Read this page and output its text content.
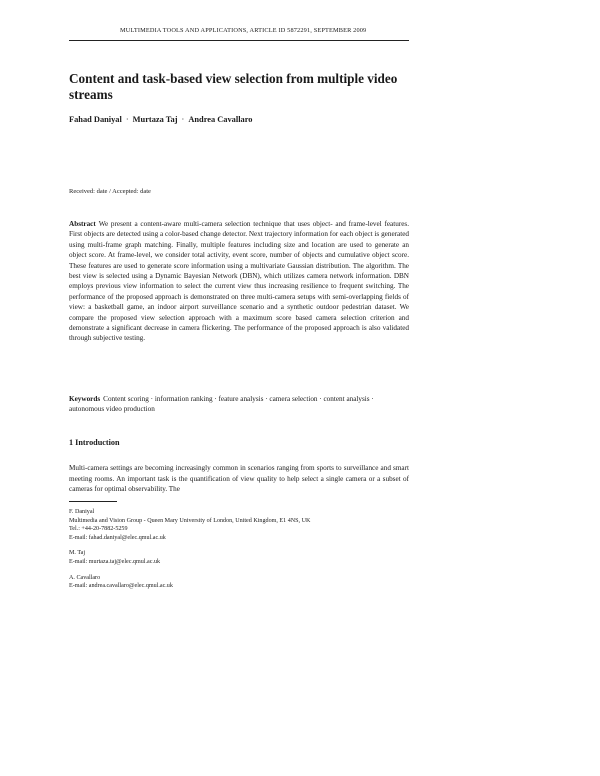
MULTIMEDIA TOOLS AND APPLICATIONS, ARTICLE ID 5872291, SEPTEMBER 2009
Content and task-based view selection from multiple video streams
Fahad Daniyal · Murtaza Taj · Andrea Cavallaro
Received: date / Accepted: date
Abstract We present a content-aware multi-camera selection technique that uses object- and frame-level features. First objects are detected using a color-based change detector. Next trajectory information for each object is generated using multi-frame graph matching. Finally, multiple features including size and location are used to generate an object score. At frame-level, we consider total activity, event score, number of objects and cumulative object score. These features are used to generate score information using a multivariate Gaussian distribution. The algorithm. The best view is selected using a Dynamic Bayesian Network (DBN), which utilizes camera network information. DBN employs previous view information to select the current view thus increasing resilience to frequent switching. The performance of the proposed approach is demonstrated on three multi-camera setups with semi-overlapping fields of view: a basketball game, an indoor airport surveillance scenario and a synthetic outdoor pedestrian dataset. We compare the proposed view selection approach with a maximum score based camera selection criterion and demonstrate a significant decrease in camera flickering. The performance of the proposed approach is also validated through subjective testing.
Keywords Content scoring · information ranking · feature analysis · camera selection · content analysis · autonomous video production
1 Introduction
Multi-camera settings are becoming increasingly common in scenarios ranging from sports to surveillance and smart meeting rooms. An important task is the quantification of view quality to help select a single camera or a subset of cameras for optimal observability. The
F. Daniyal
Multimedia and Vision Group - Queen Mary University of London, United Kingdom, E1 4NS, UK
Tel.: +44-20-7882-5259
E-mail: fahad.daniyal@elec.qmul.ac.uk
M. Taj
E-mail: murtaza.taj@elec.qmul.ac.uk
A. Cavallaro
E-mail: andrea.cavallaro@elec.qmul.ac.uk
